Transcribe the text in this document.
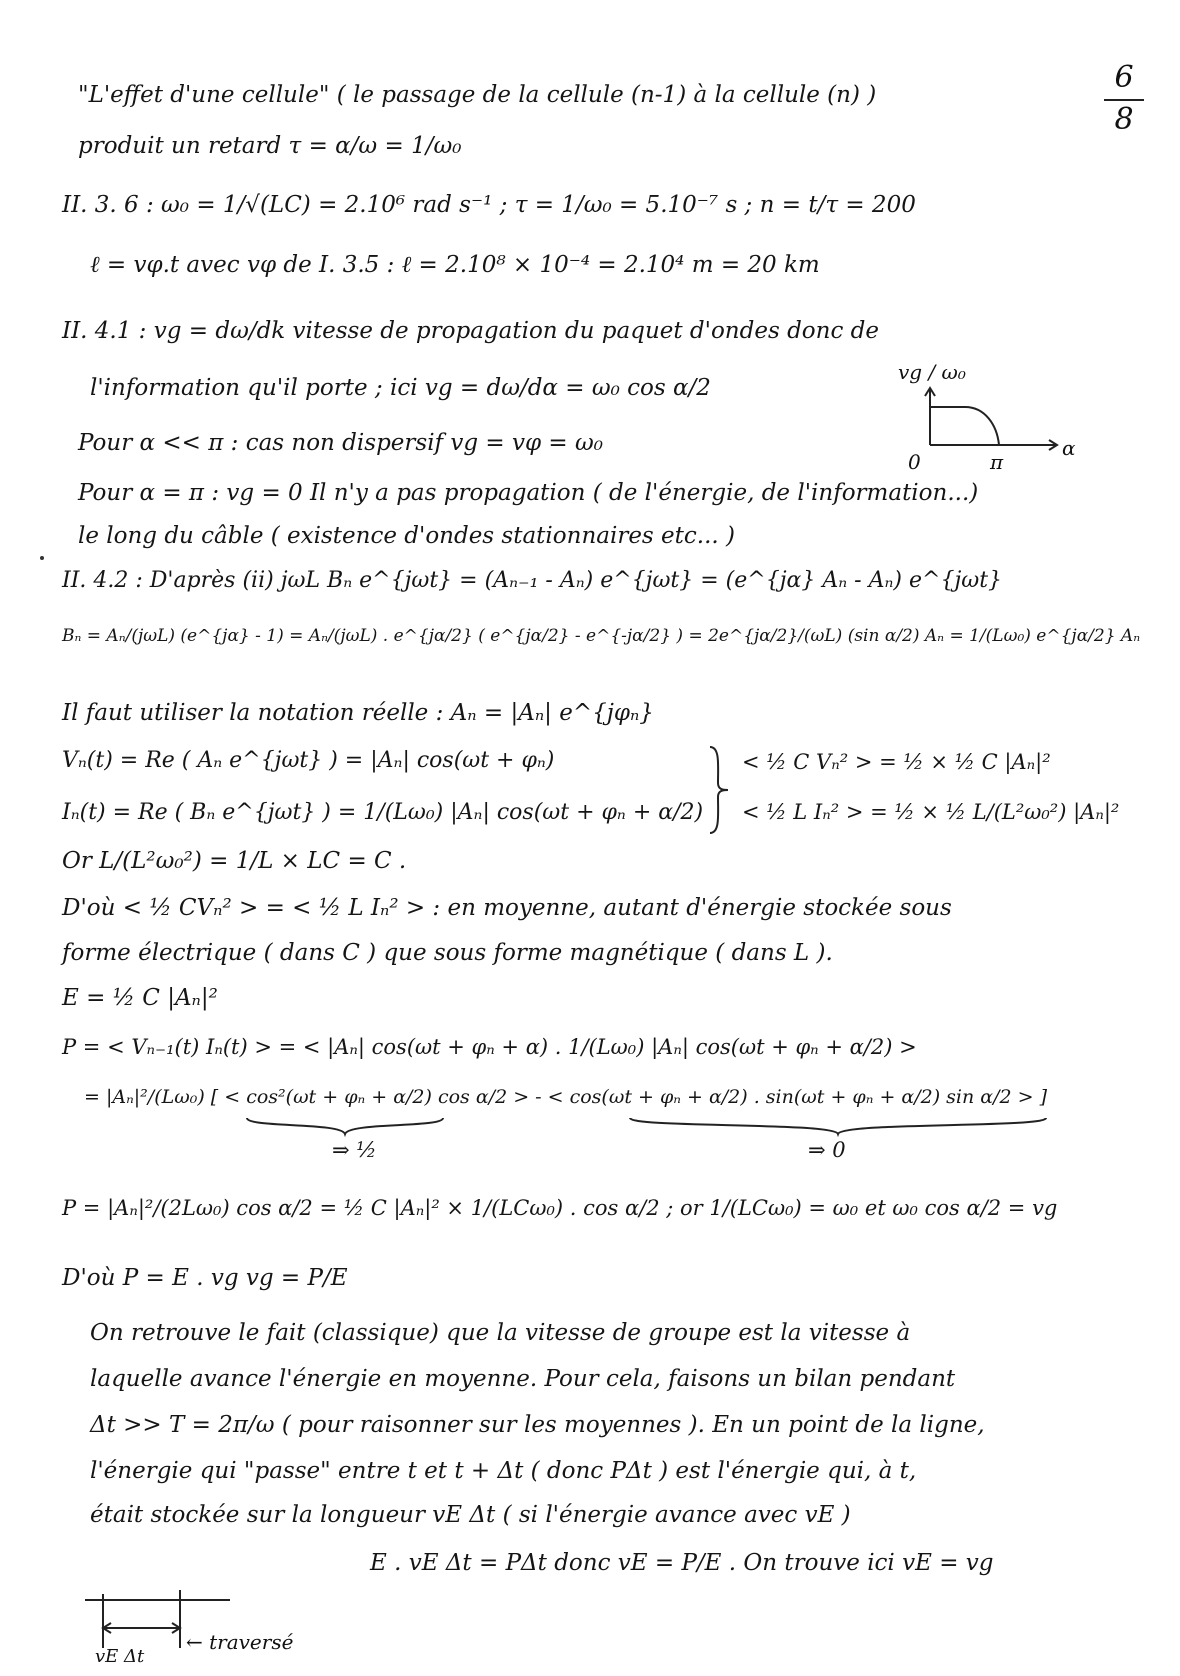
6
8
"L'effet d'une cellule" ( le passage de la cellule (n-1) à la cellule (n) )
produit un retard τ = α/ω = 1/ω₀
II. 3. 6 : ω₀ = 1/√(LC) = 2.10⁶ rad s⁻¹ ; τ = 1/ω₀ = 5.10⁻⁷ s ; n = t/τ = 200
ℓ = vφ.t avec vφ de I. 3.5 : ℓ = 2.10⁸ × 10⁻⁴ = 2.10⁴ m = 20 km
II. 4.1 : vg = dω/dk vitesse de propagation du paquet d'ondes donc de
l'information qu'il porte ; ici vg = dω/dα = ω₀ cos α/2
Pour α << π : cas non dispersif vg = vφ = ω₀
Pour α = π : vg = 0 Il n'y a pas propagation ( de l'énergie, de l'information...)
le long du câble ( existence d'ondes stationnaires etc... )
II. 4.2 : D'après (ii) jωL Bₙ e^{jωt} = (Aₙ₋₁ - Aₙ) e^{jωt} = (e^{jα} Aₙ - Aₙ) e^{jωt}
Bₙ = Aₙ/(jωL) (e^{jα} - 1) = Aₙ/(jωL) . e^{jα/2} ( e^{jα/2} - e^{-jα/2} ) = 2e^{jα/2}/(ωL) (sin α/2) Aₙ = 1/(Lω₀) e^{jα/2} Aₙ
Il faut utiliser la notation réelle : Aₙ = |Aₙ| e^{jφₙ}
Vₙ(t) = Re ( Aₙ e^{jωt} ) = |Aₙ| cos(ωt + φₙ)
Iₙ(t) = Re ( Bₙ e^{jωt} ) = 1/(Lω₀) |Aₙ| cos(ωt + φₙ + α/2)
< ½ C Vₙ² > = ½ × ½ C |Aₙ|²
< ½ L Iₙ² > = ½ × ½ L/(L²ω₀²) |Aₙ|²
Or L/(L²ω₀²) = 1/L × LC = C .
D'où < ½ CVₙ² > = < ½ L Iₙ² > : en moyenne, autant d'énergie stockée sous
forme électrique ( dans C ) que sous forme magnétique ( dans L ).
E = ½ C |Aₙ|²
P = < Vₙ₋₁(t) Iₙ(t) > = < |Aₙ| cos(ωt + φₙ + α) . 1/(Lω₀) |Aₙ| cos(ωt + φₙ + α/2) >
= |Aₙ|²/(Lω₀) [ < cos²(ωt + φₙ + α/2) cos α/2 > - < cos(ωt + φₙ + α/2) . sin(ωt + φₙ + α/2) sin α/2 > ]
⇒ ½	⇒ 0
P = |Aₙ|²/(2Lω₀) cos α/2 = ½ C |Aₙ|² × 1/(LCω₀) . cos α/2 ; or 1/(LCω₀) = ω₀ et ω₀ cos α/2 = vg
D'où P = E . vg vg = P/E
On retrouve le fait (classique) que la vitesse de groupe est la vitesse à
laquelle avance l'énergie en moyenne. Pour cela, faisons un bilan pendant
Δt >> T = 2π/ω ( pour raisonner sur les moyennes ). En un point de la ligne,
l'énergie qui "passe" entre t et t + Δt ( donc PΔt ) est l'énergie qui, à t,
était stockée sur la longueur vE Δt ( si l'énergie avance avec vE )
E . vE Δt = PΔt donc vE = P/E . On trouve ici vE = vg
vg / ω₀
α
0	π
vE Δt
← traversé
